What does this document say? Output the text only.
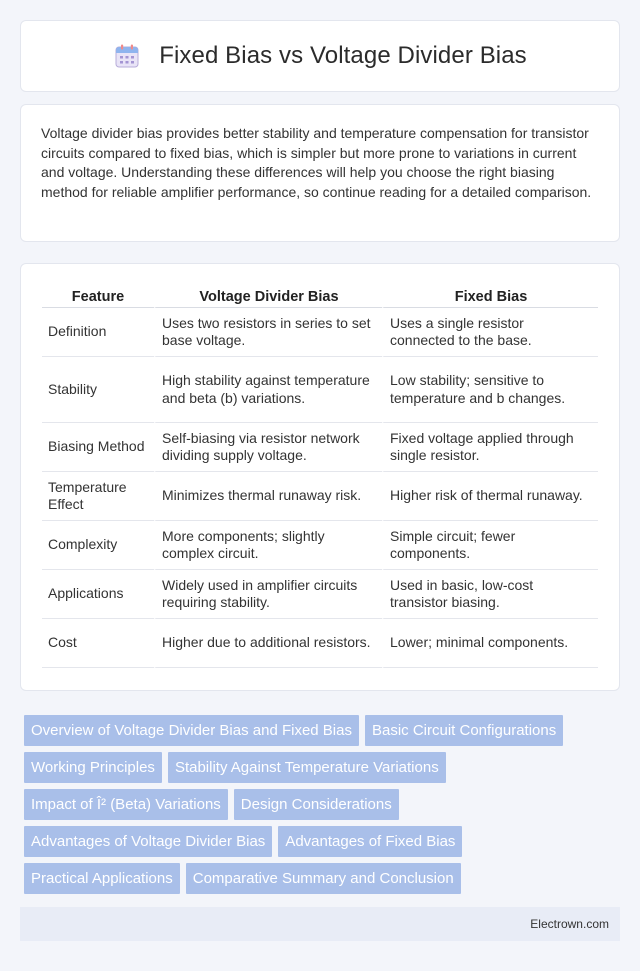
Fixed Bias vs Voltage Divider Bias

Voltage divider bias provides better stability and temperature compensation for transistor circuits compared to fixed bias, which is simpler but more prone to variations in current and voltage. Understanding these differences will help you choose the right biasing method for reliable amplifier performance, so continue reading for a detailed comparison.

Feature	Voltage Divider Bias	Fixed Bias
Definition	Uses two resistors in series to set base voltage.	Uses a single resistor connected to the base.
Stability	High stability against temperature and beta (b) variations.	Low stability; sensitive to temperature and b changes.
Biasing Method	Self-biasing via resistor network dividing supply voltage.	Fixed voltage applied through single resistor.
Temperature Effect	Minimizes thermal runaway risk.	Higher risk of thermal runaway.
Complexity	More components; slightly complex circuit.	Simple circuit; fewer components.
Applications	Widely used in amplifier circuits requiring stability.	Used in basic, low-cost transistor biasing.
Cost	Higher due to additional resistors.	Lower; minimal components.
Overview of Voltage Divider Bias and Fixed Bias	Basic Circuit Configurations
Working Principles	Stability Against Temperature Variations
Impact of Î² (Beta) Variations	Design Considerations
Advantages of Voltage Divider Bias	Advantages of Fixed Bias
Practical Applications	Comparative Summary and Conclusion
Electrown.com
